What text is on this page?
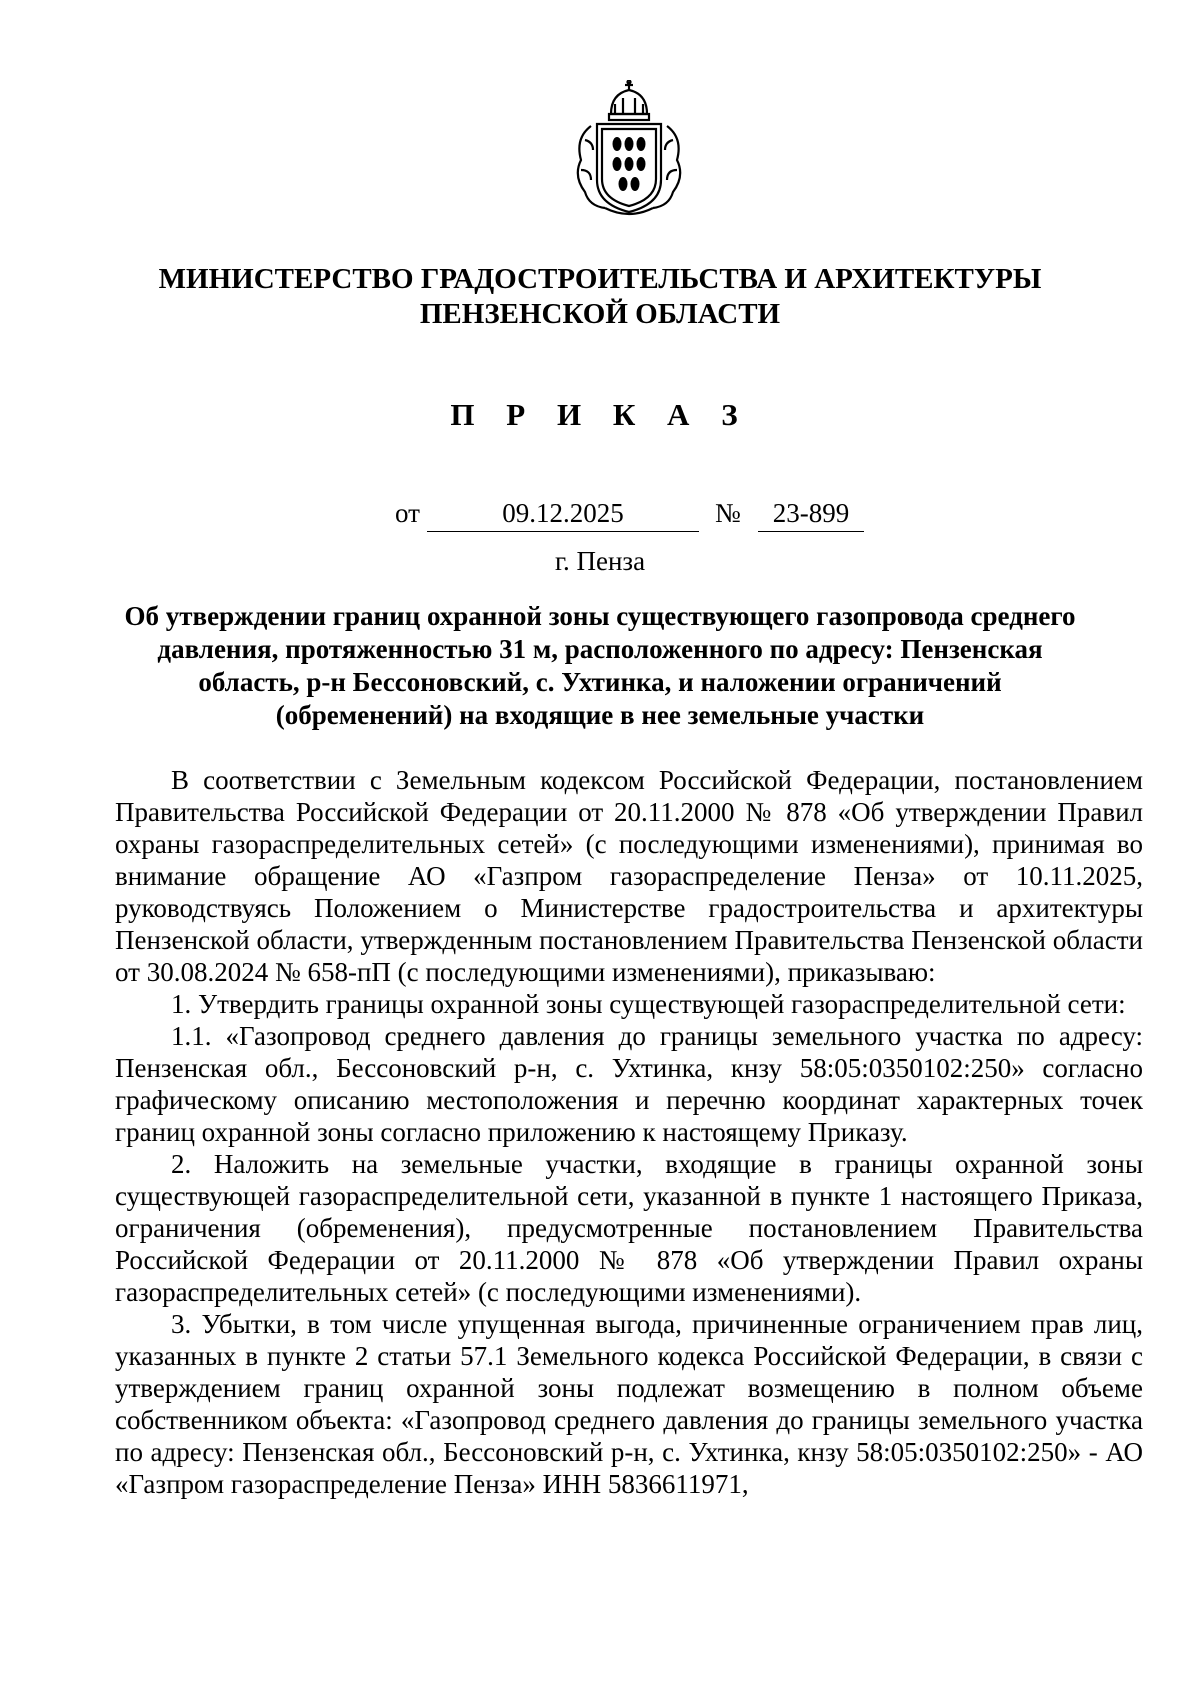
МИНИСТЕРСТВО ГРАДОСТРОИТЕЛЬСТВА И АРХИТЕКТУРЫ
ПЕНЗЕНСКОЙ ОБЛАСТИ
П Р И К А З
от	09.12.2025	№	23-899

г. Пенза

Об утверждении границ охранной зоны существующего газопровода среднего
давления, протяженностью 31 м, расположенного по адресу: Пензенская
область, р-н Бессоновский, с. Ухтинка, и наложении ограничений
(обременений) на входящие в нее земельные участки

В соответствии с Земельным кодексом Российской Федерации, постановлением Правительства Российской Федерации от 20.11.2000 № 878 «Об утверждении Правил охраны газораспределительных сетей» (с последующими изменениями), принимая во внимание обращение АО «Газпром газораспределение Пенза» от 10.11.2025, руководствуясь Положением о Министерстве градостроительства и архитектуры Пензенской области, утвержденным постановлением Правительства Пензенской области от 30.08.2024 № 658-пП (с последующими изменениями), приказываю:

1. Утвердить границы охранной зоны существующей газораспределительной сети:

1.1. «Газопровод среднего давления до границы земельного участка по адресу: Пензенская обл., Бессоновский р-н, с. Ухтинка, кнзу 58:05:0350102:250» согласно графическому описанию местоположения и перечню координат характерных точек границ охранной зоны согласно приложению к настоящему Приказу.

2. Наложить на земельные участки, входящие в границы охранной зоны существующей газораспределительной сети, указанной в пункте 1 настоящего Приказа, ограничения (обременения), предусмотренные постановлением Правительства Российской Федерации от 20.11.2000 № 878 «Об утверждении Правил охраны газораспределительных сетей» (с последующими изменениями).

3. Убытки, в том числе упущенная выгода, причиненные ограничением прав лиц, указанных в пункте 2 статьи 57.1 Земельного кодекса Российской Федерации, в связи с утверждением границ охранной зоны подлежат возмещению в полном объеме собственником объекта: «Газопровод среднего давления до границы земельного участка по адресу: Пензенская обл., Бессоновский р-н, с. Ухтинка, кнзу 58:05:0350102:250» - АО «Газпром газораспределение Пенза» ИНН 5836611971,
